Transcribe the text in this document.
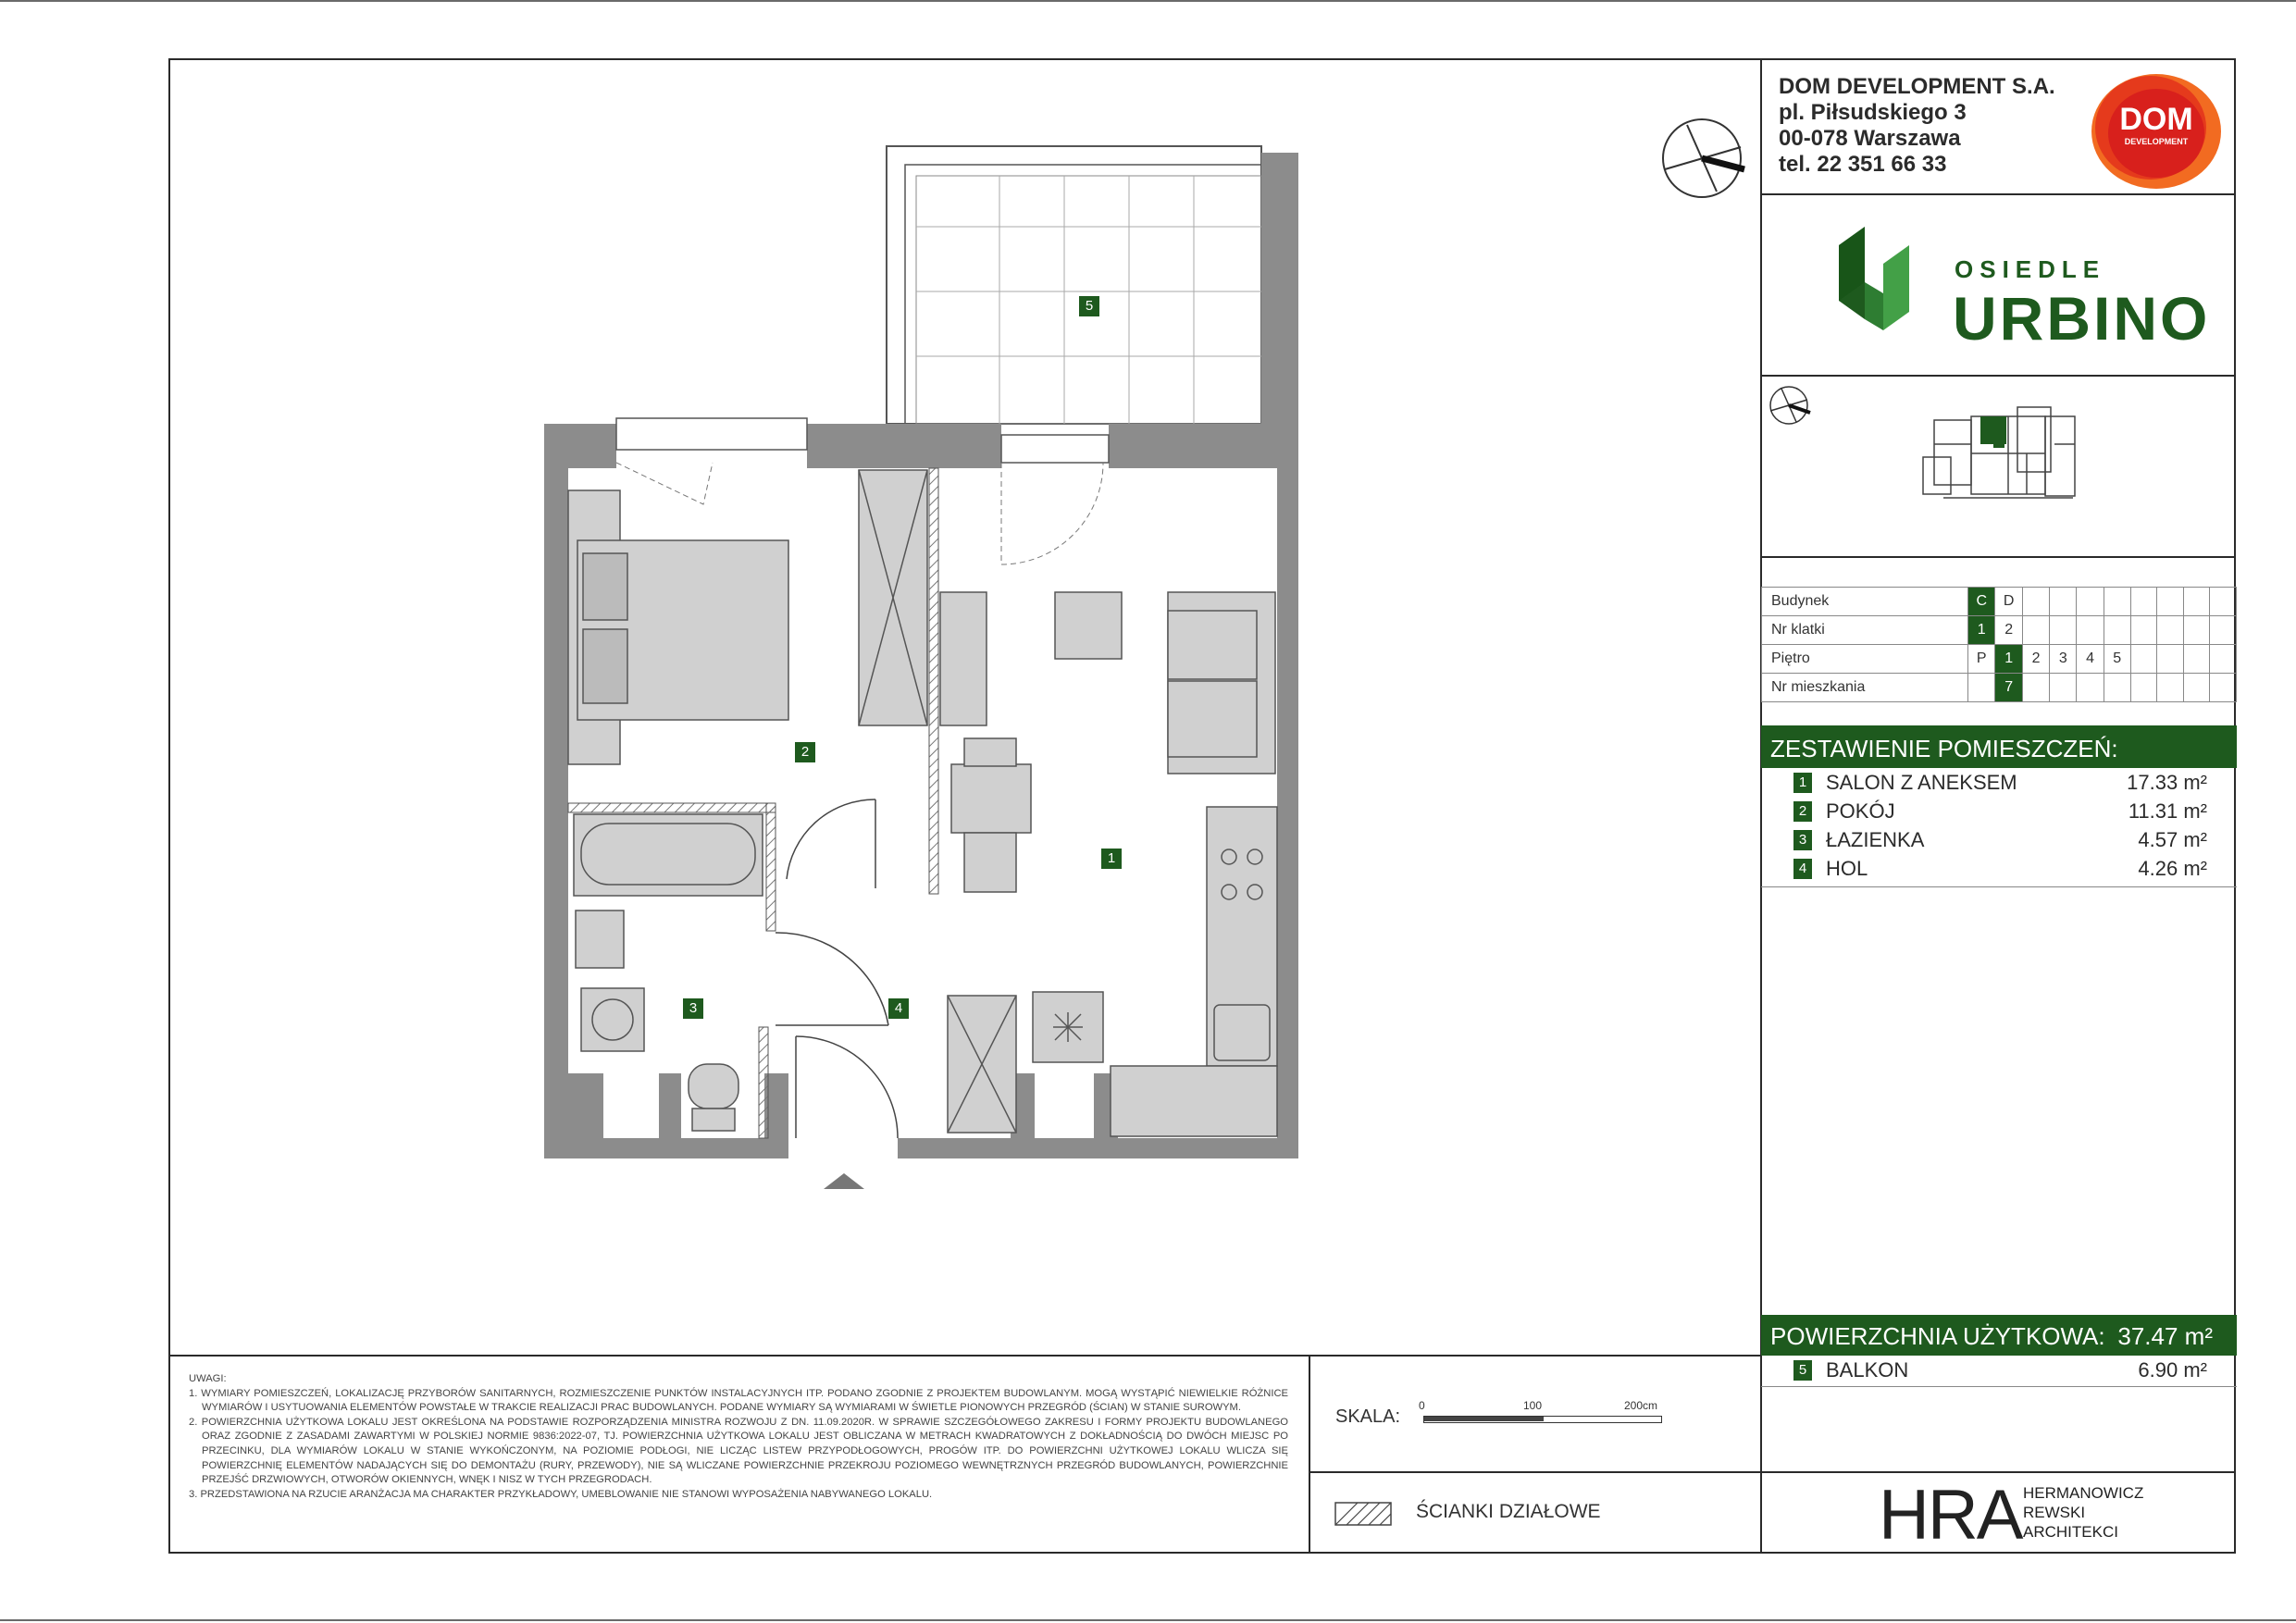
DOM DEVELOPMENT S.A.
pl. Piłsudskiego 3
00-078 Warszawa
tel. 22 351 66 33
DOM
DEVELOPMENT
OSIEDLE
URBINO
Budynek	C	D								
Nr klatki	1	2								
Piętro	P	1	2	3	4	5				
Nr mieszkania		7								
ZESTAWIENIE POMIESZCZEŃ:
1 SALON Z ANEKSEM	17.33 m²
2 POKÓJ	11.31 m²
3 ŁAZIENKA	4.57 m²
4 HOL	4.26 m²
POWIERZCHNIA UŻYTKOWA: 37.47 m²
5 BALKON	6.90 m²
UWAGI:
1. WYMIARY POMIESZCZEŃ, LOKALIZACJĘ PRZYBORÓW SANITARNYCH, ROZMIESZCZENIE PUNKTÓW INSTALACYJNYCH ITP. PODANO ZGODNIE Z PROJEKTEM BUDOWLANYM. MOGĄ WYSTĄPIĆ NIEWIELKIE RÓŻNICE WYMIARÓW I USYTUOWANIA ELEMENTÓW POWSTAŁE W TRAKCIE REALIZACJI PRAC BUDOWLANYCH. PODANE WYMIARY SĄ WYMIARAMI W ŚWIETLE PIONOWYCH PRZEGRÓD (ŚCIAN) W STANIE SUROWYM.
2. POWIERZCHNIA UŻYTKOWA LOKALU JEST OKREŚLONA NA PODSTAWIE ROZPORZĄDZENIA MINISTRA ROZWOJU Z DN. 11.09.2020R. W SPRAWIE SZCZEGÓŁOWEGO ZAKRESU I FORMY PROJEKTU BUDOWLANEGO ORAZ ZGODNIE Z ZASADAMI ZAWARTYMI W POLSKIEJ NORMIE 9836:2022-07, TJ. POWIERZCHNIA UŻYTKOWA LOKALU JEST OBLICZANA W METRACH KWADRATOWYCH Z DOKŁADNOŚCIĄ DO DWÓCH MIEJSC PO PRZECINKU, DLA WYMIARÓW LOKALU W STANIE WYKOŃCZONYM, NA POZIOMIE PODŁOGI, NIE LICZĄC LISTEW PRZYPODŁOGOWYCH, PROGÓW ITP. DO POWIERZCHNI UŻYTKOWEJ LOKALU WLICZA SIĘ POWIERZCHNIĘ ELEMENTÓW NADAJĄCYCH SIĘ DO DEMONTAŻU (RURY, PRZEWODY), NIE SĄ WLICZANE POWIERZCHNIE PRZEKROJU POZIOMEGO WEWNĘTRZNYCH PRZEGRÓD BUDOWLANYCH, POWIERZCHNIE PRZEJŚĆ DRZWIOWYCH, OTWORÓW OKIENNYCH, WNĘK I NISZ W TYCH PRZEGRODACH.
3. PRZEDSTAWIONA NA RZUCIE ARANŻACJA MA CHARAKTER PRZYKŁADOWY, UMEBLOWANIE NIE STANOWI WYPOSAŻENIA NABYWANEGO LOKALU.
SKALA:
0	100	200cm
ŚCIANKI DZIAŁOWE	HRA HERMANOWICZ
REWSKI
ARCHITEKCI
1
2
3	4
5
